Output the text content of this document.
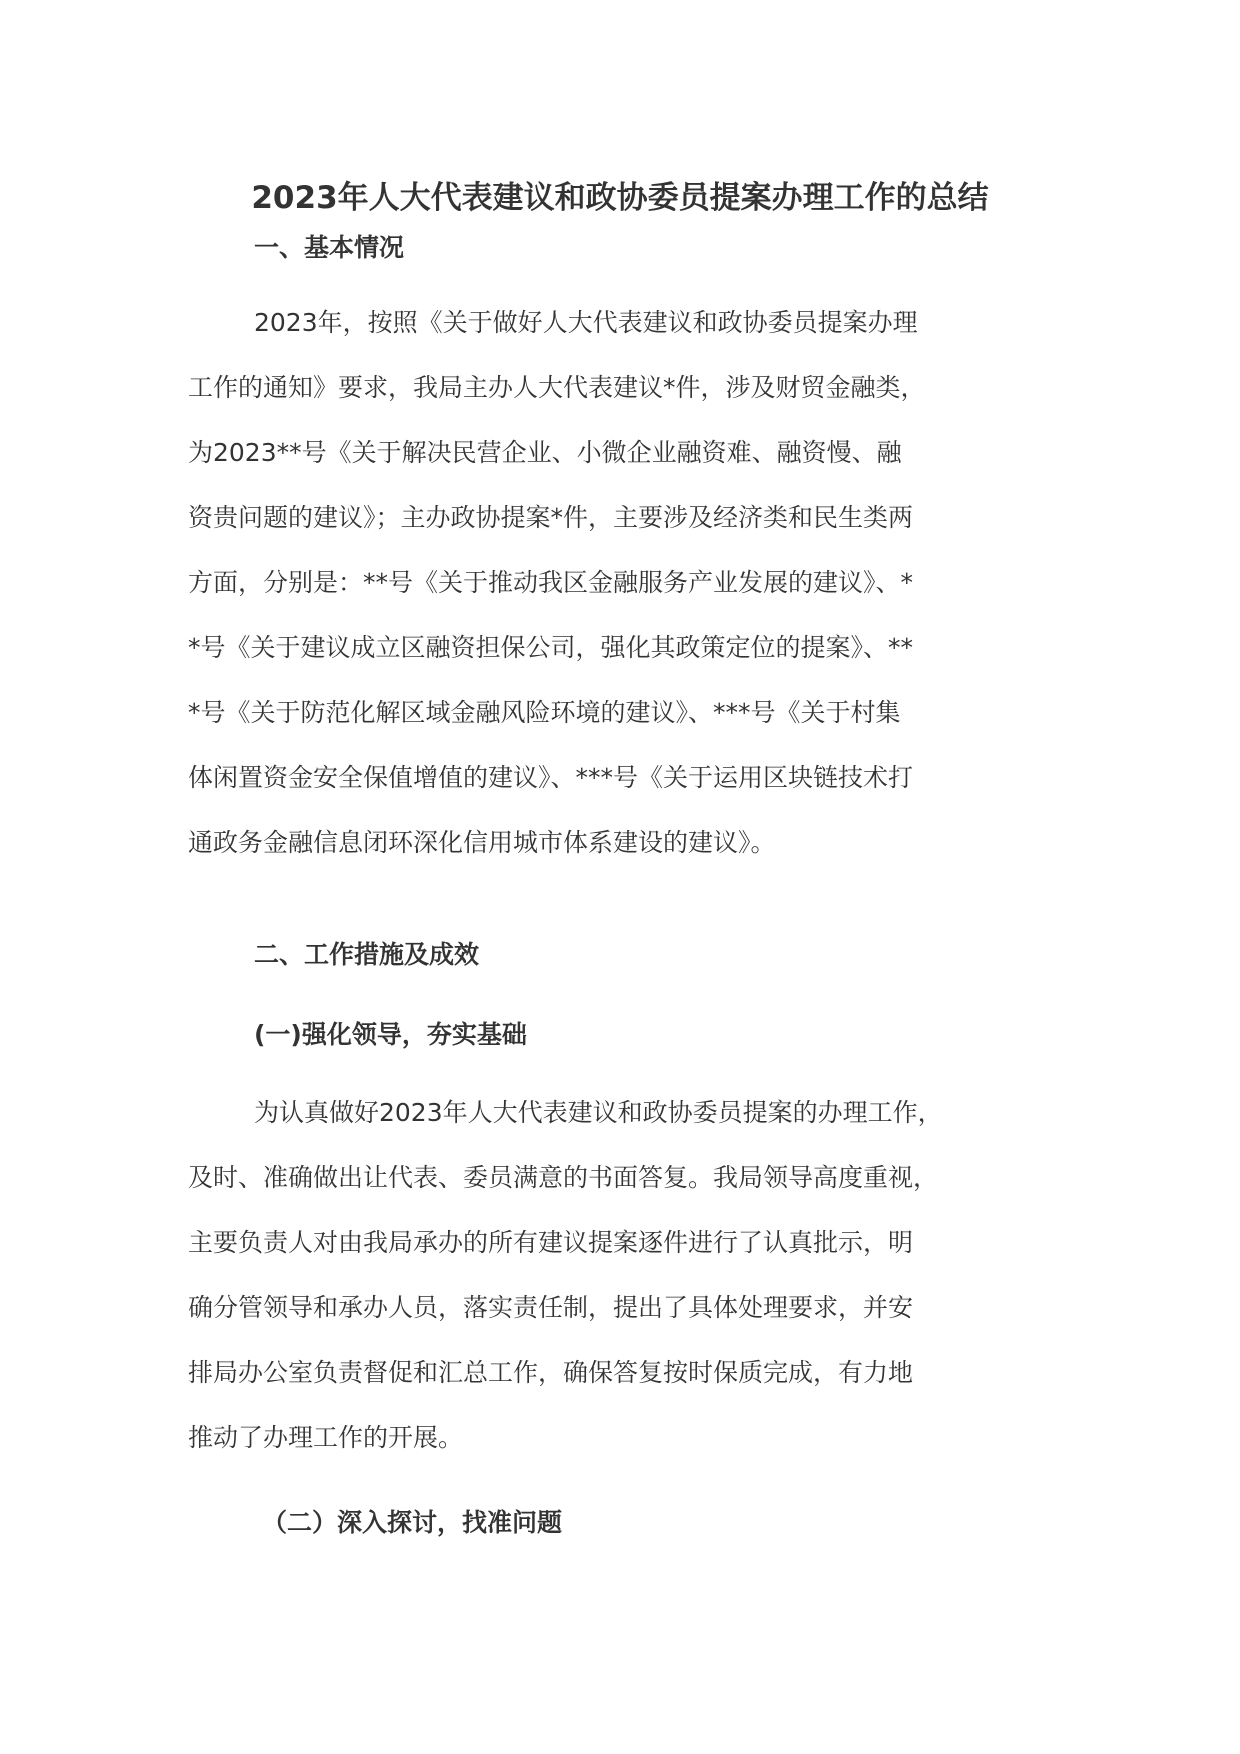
2023年人大代表建议和政协委员提案办理工作的总结
一、基本情况
2023年，按照《关于做好人大代表建议和政协委员提案办理
工作的通知》要求，我局主办人大代表建议*件，涉及财贸金融类，
为2023**号《关于解决民营企业、小微企业融资难、融资慢、融
资贵问题的建议》；主办政协提案*件，主要涉及经济类和民生类两
方面，分别是：**号《关于推动我区金融服务产业发展的建议》、*
*号《关于建议成立区融资担保公司，强化其政策定位的提案》、**
*号《关于防范化解区域金融风险环境的建议》、***号《关于村集
体闲置资金安全保值增值的建议》、***号《关于运用区块链技术打
通政务金融信息闭环深化信用城市体系建设的建议》。
二、工作措施及成效
(一)强化领导，夯实基础
为认真做好2023年人大代表建议和政协委员提案的办理工作，
及时、准确做出让代表、委员满意的书面答复。我局领导高度重视，
主要负责人对由我局承办的所有建议提案逐件进行了认真批示，明
确分管领导和承办人员，落实责任制，提出了具体处理要求，并安
排局办公室负责督促和汇总工作，确保答复按时保质完成，有力地
推动了办理工作的开展。
（二）深入探讨，找准问题
